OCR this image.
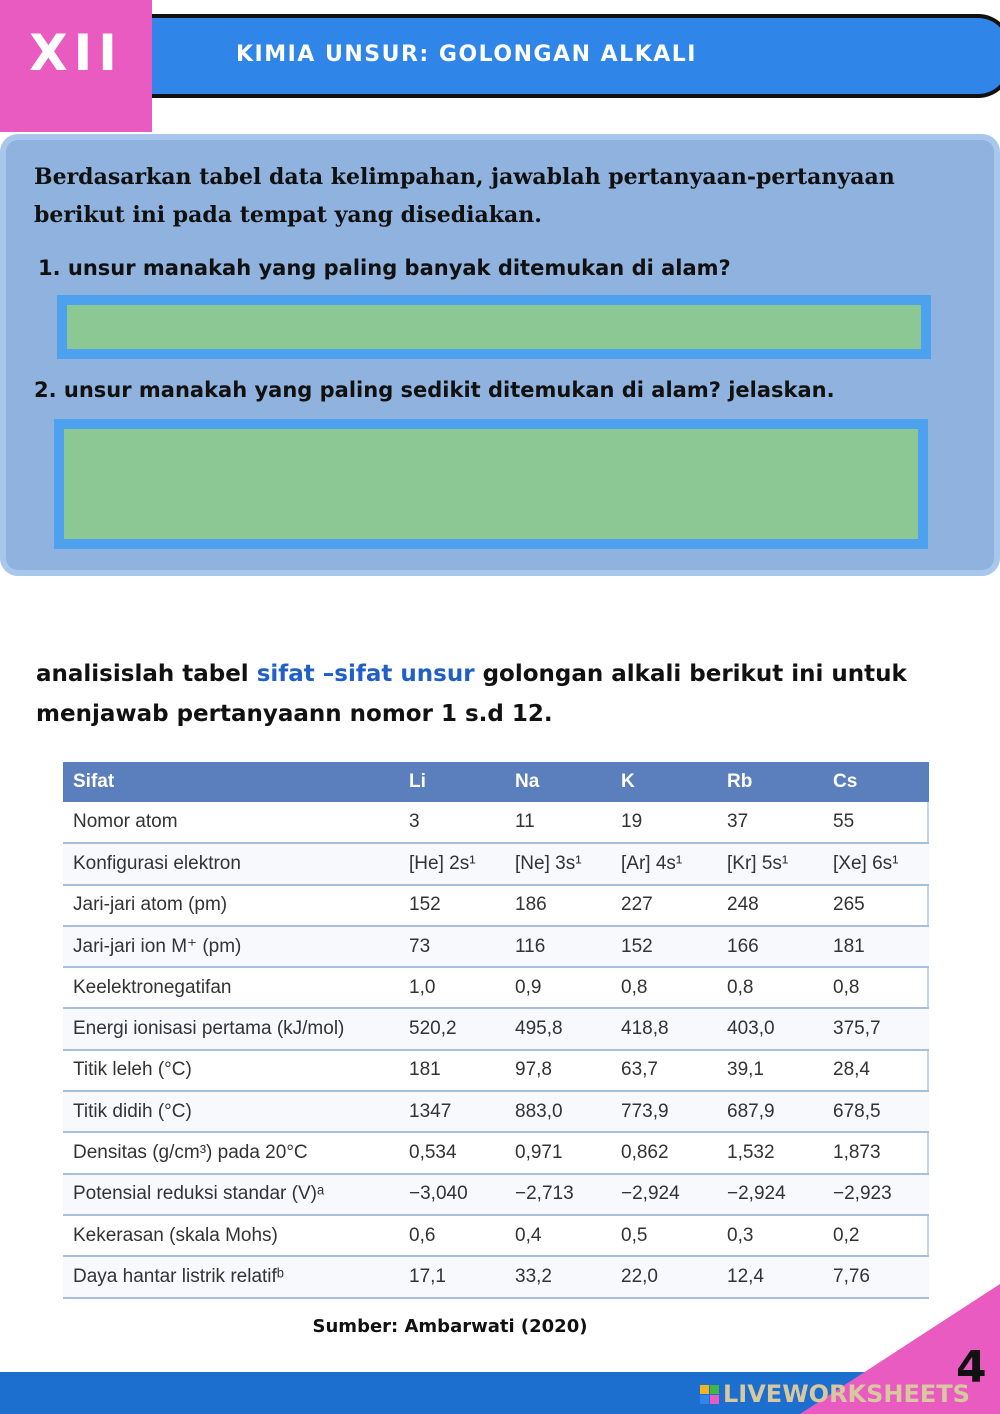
XII	KIMIA UNSUR: GOLONGAN ALKALI
Berdasarkan tabel data kelimpahan, jawablah pertanyaan-pertanyaan berikut ini pada tempat yang disediakan.
1. unsur manakah yang paling banyak ditemukan di alam?
2. unsur manakah yang paling sedikit ditemukan di alam? jelaskan.
analisislah tabel sifat –sifat unsur golongan alkali berikut ini untuk menjawab pertanyaann nomor 1 s.d 12.
Sifat	Li	Na	K	Rb	Cs
Nomor atom	3	11	19	37	55
Konfigurasi elektron	[He] 2s¹	[Ne] 3s¹	[Ar] 4s¹	[Kr] 5s¹	[Xe] 6s¹
Jari-jari atom (pm)	152	186	227	248	265
Jari-jari ion M⁺ (pm)	73	116	152	166	181
Keelektronegatifan	1,0	0,9	0,8	0,8	0,8
Energi ionisasi pertama (kJ/mol)	520,2	495,8	418,8	403,0	375,7
Titik leleh (°C)	181	97,8	63,7	39,1	28,4
Titik didih (°C)	1347	883,0	773,9	687,9	678,5
Densitas (g/cm³) pada 20°C	0,534	0,971	0,862	1,532	1,873
Potensial reduksi standar (V)ᵃ	−3,040	−2,713	−2,924	−2,924	−2,923
Kekerasan (skala Mohs)	0,6	0,4	0,5	0,3	0,2
Daya hantar listrik relatifᵇ	17,1	33,2	22,0	12,4	7,76
Sumber: Ambarwati (2020)
LIVEWORKSHEETS
4
